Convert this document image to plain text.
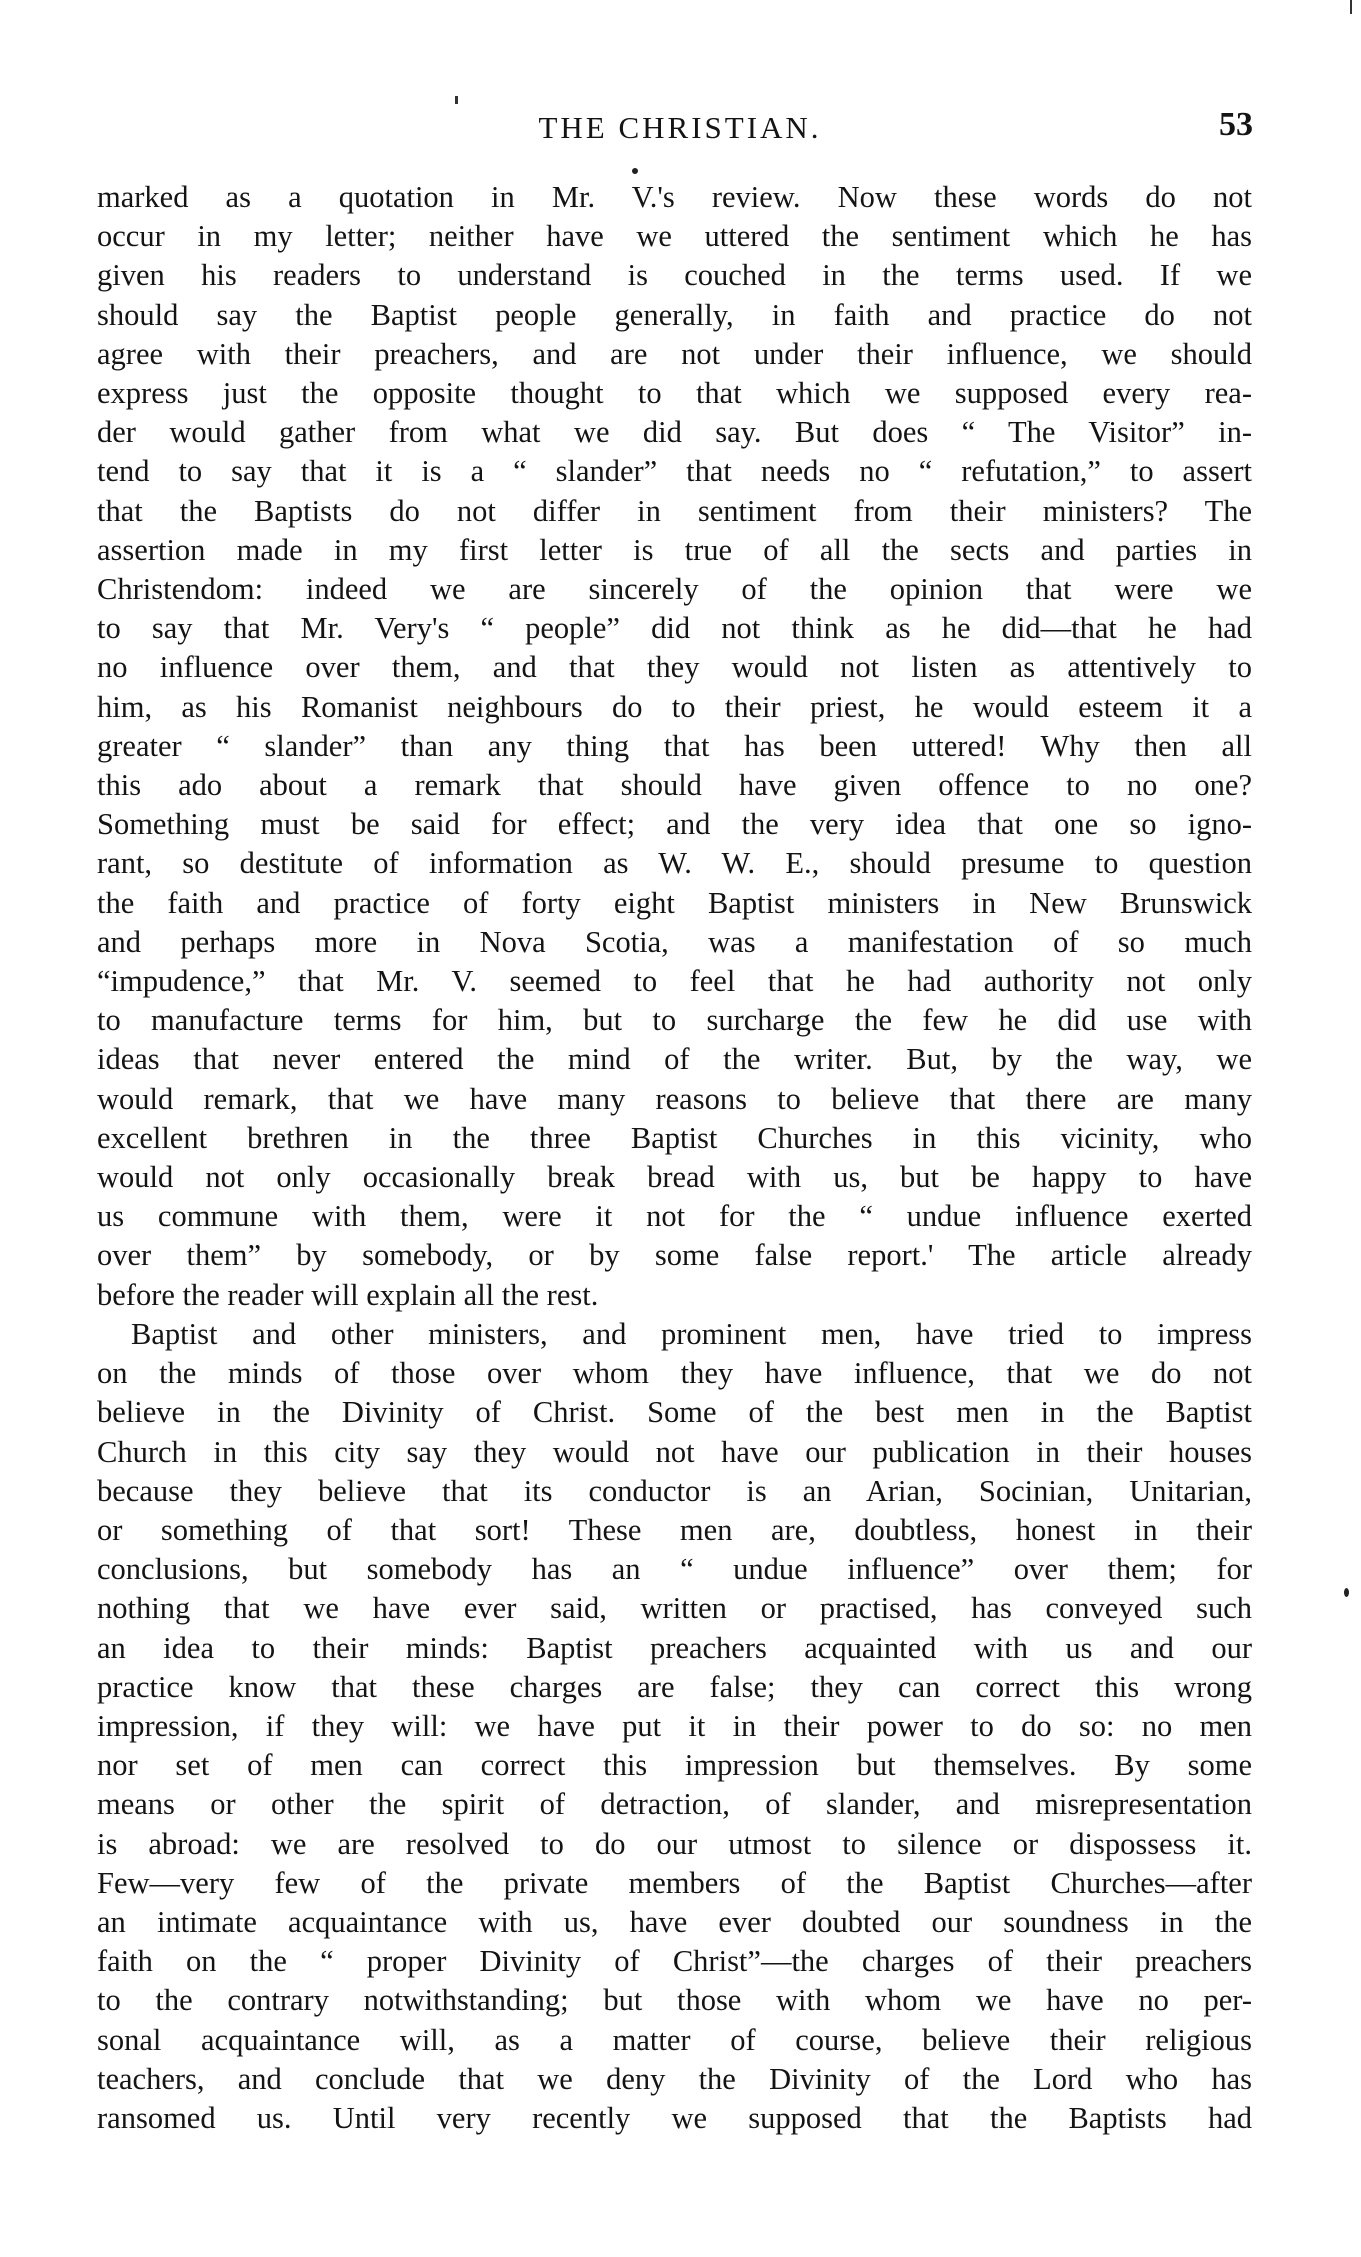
THE CHRISTIAN.	53
marked as a quotation in Mr. V.'s review. Now these words do not
occur in my letter; neither have we uttered the sentiment which he has
given his readers to understand is couched in the terms used. If we
should say the Baptist people generally, in faith and practice do not
agree with their preachers, and are not under their influence, we should
express just the opposite thought to that which we supposed every rea-
der would gather from what we did say. But does “ The Visitor” in-
tend to say that it is a “ slander” that needs no “ refutation,” to assert
that the Baptists do not differ in sentiment from their ministers? The
assertion made in my first letter is true of all the sects and parties in
Christendom: indeed we are sincerely of the opinion that were we
to say that Mr. Very's “ people” did not think as he did—that he had
no influence over them, and that they would not listen as attentively to
him, as his Romanist neighbours do to their priest, he would esteem it a
greater “ slander” than any thing that has been uttered! Why then all
this ado about a remark that should have given offence to no one?
Something must be said for effect; and the very idea that one so igno-
rant, so destitute of information as W. W. E., should presume to question
the faith and practice of forty eight Baptist ministers in New Brunswick
and perhaps more in Nova Scotia, was a manifestation of so much
“impudence,” that Mr. V. seemed to feel that he had authority not only
to manufacture terms for him, but to surcharge the few he did use with
ideas that never entered the mind of the writer. But, by the way, we
would remark, that we have many reasons to believe that there are many
excellent brethren in the three Baptist Churches in this vicinity, who
would not only occasionally break bread with us, but be happy to have
us commune with them, were it not for the “ undue influence exerted
over them” by somebody, or by some false report.' The article already
before the reader will explain all the rest.
Baptist and other ministers, and prominent men, have tried to impress
on the minds of those over whom they have influence, that we do not
believe in the Divinity of Christ. Some of the best men in the Baptist
Church in this city say they would not have our publication in their houses
because they believe that its conductor is an Arian, Socinian, Unitarian,
or something of that sort! These men are, doubtless, honest in their
conclusions, but somebody has an “ undue influence” over them; for
nothing that we have ever said, written or practised, has conveyed such
an idea to their minds: Baptist preachers acquainted with us and our
practice know that these charges are false; they can correct this wrong
impression, if they will: we have put it in their power to do so: no men
nor set of men can correct this impression but themselves. By some
means or other the spirit of detraction, of slander, and misrepresentation
is abroad: we are resolved to do our utmost to silence or dispossess it.
Few—very few of the private members of the Baptist Churches—after
an intimate acquaintance with us, have ever doubted our soundness in the
faith on the “ proper Divinity of Christ”—the charges of their preachers
to the contrary notwithstanding; but those with whom we have no per-
sonal acquaintance will, as a matter of course, believe their religious
teachers, and conclude that we deny the Divinity of the Lord who has
ransomed us. Until very recently we supposed that the Baptists had
